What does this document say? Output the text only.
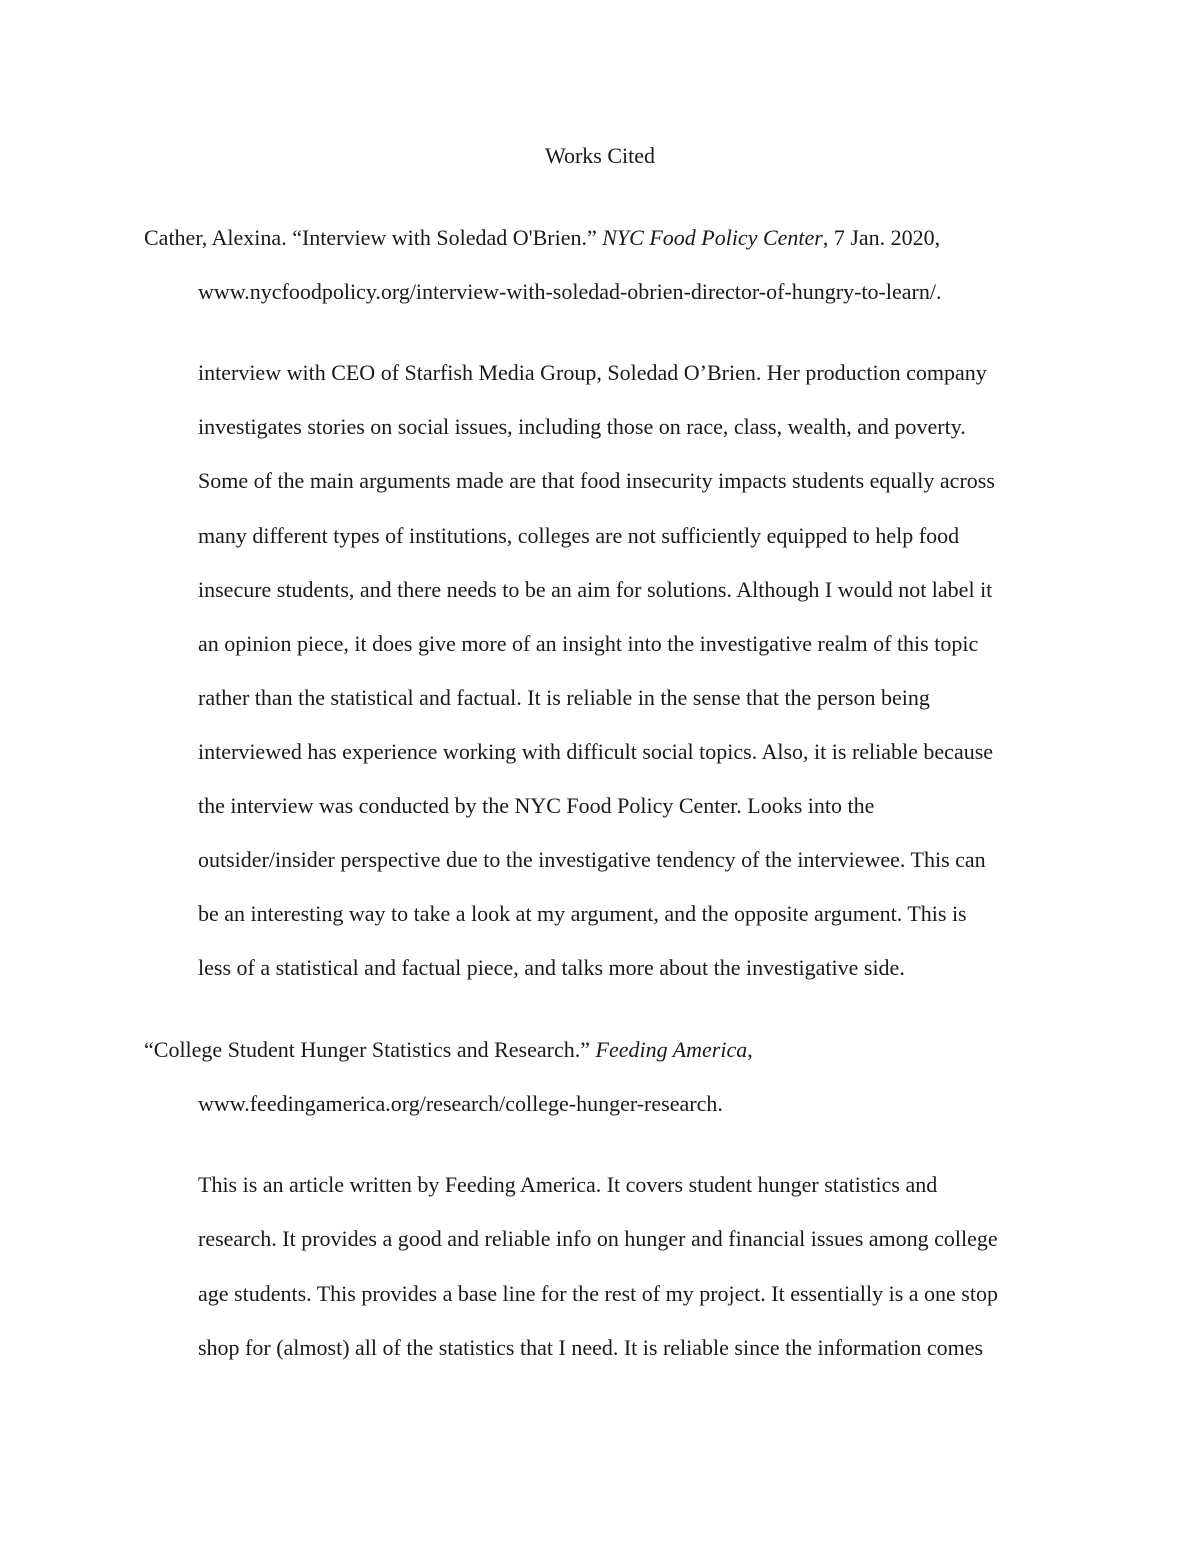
Works Cited
Cather, Alexina. “Interview with Soledad O'Brien.” NYC Food Policy Center, 7 Jan. 2020,
www.nycfoodpolicy.org/interview-with-soledad-obrien-director-of-hungry-to-learn/.
interview with CEO of Starfish Media Group, Soledad O’Brien. Her production company
investigates stories on social issues, including those on race, class, wealth, and poverty.
Some of the main arguments made are that food insecurity impacts students equally across
many different types of institutions, colleges are not sufficiently equipped to help food
insecure students, and there needs to be an aim for solutions. Although I would not label it
an opinion piece, it does give more of an insight into the investigative realm of this topic
rather than the statistical and factual. It is reliable in the sense that the person being
interviewed has experience working with difficult social topics. Also, it is reliable because
the interview was conducted by the NYC Food Policy Center. Looks into the
outsider/insider perspective due to the investigative tendency of the interviewee. This can
be an interesting way to take a look at my argument, and the opposite argument. This is
less of a statistical and factual piece, and talks more about the investigative side.
“College Student Hunger Statistics and Research.” Feeding America,
www.feedingamerica.org/research/college-hunger-research.
This is an article written by Feeding America. It covers student hunger statistics and
research. It provides a good and reliable info on hunger and financial issues among college
age students. This provides a base line for the rest of my project. It essentially is a one stop
shop for (almost) all of the statistics that I need. It is reliable since the information comes
